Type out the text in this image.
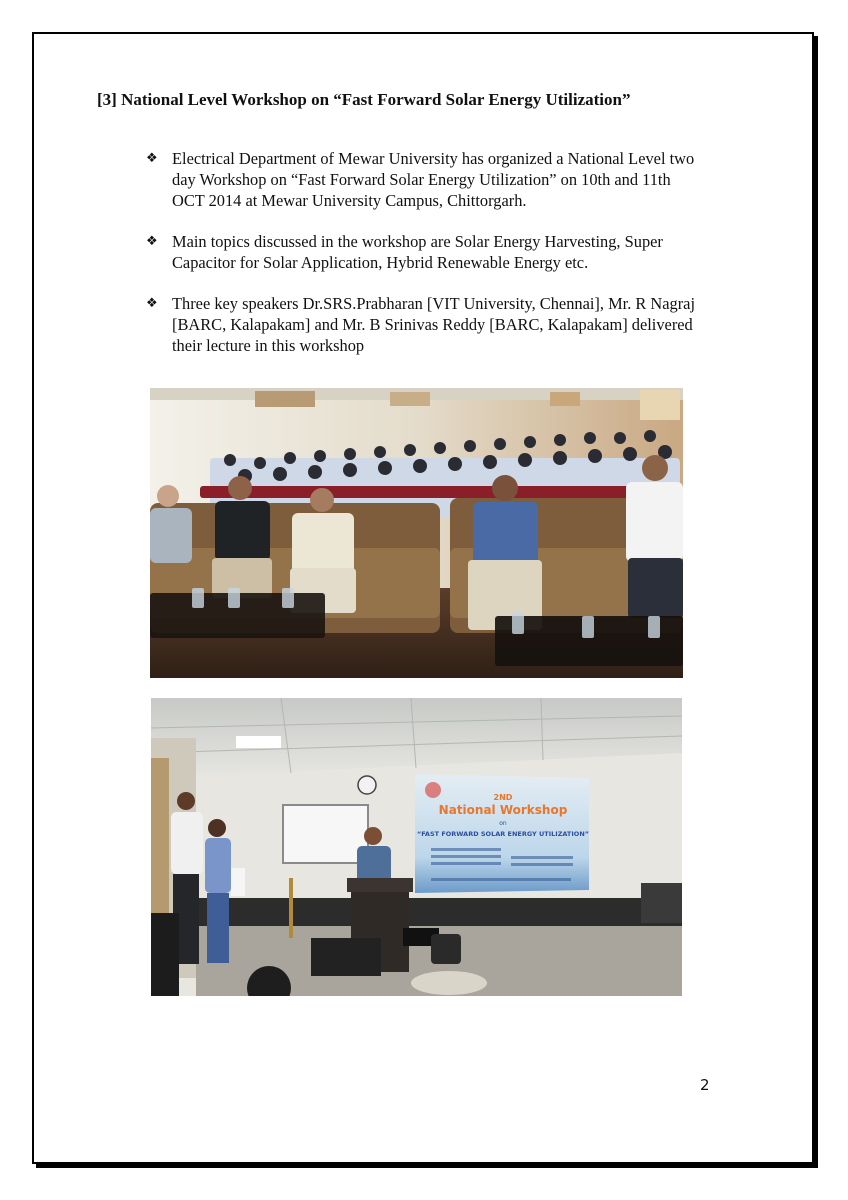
[3] National Level Workshop on “Fast Forward Solar Energy Utilization”
❖ Electrical Department of Mewar University has organized a National Level two day Workshop on “Fast Forward Solar Energy Utilization” on 10th and 11th OCT 2014 at Mewar University Campus, Chittorgarh.
❖ Main topics discussed in the workshop are Solar Energy Harvesting, Super Capacitor for Solar Application, Hybrid Renewable Energy etc.
❖ Three key speakers Dr.SRS.Prabharan [VIT University, Chennai], Mr. R Nagraj [BARC, Kalapakam] and Mr. B Srinivas Reddy [BARC, Kalapakam] delivered their lecture in this workshop
2ND
National Workshop
on
“FAST FORWARD SOLAR ENERGY UTILIZATION”

2
